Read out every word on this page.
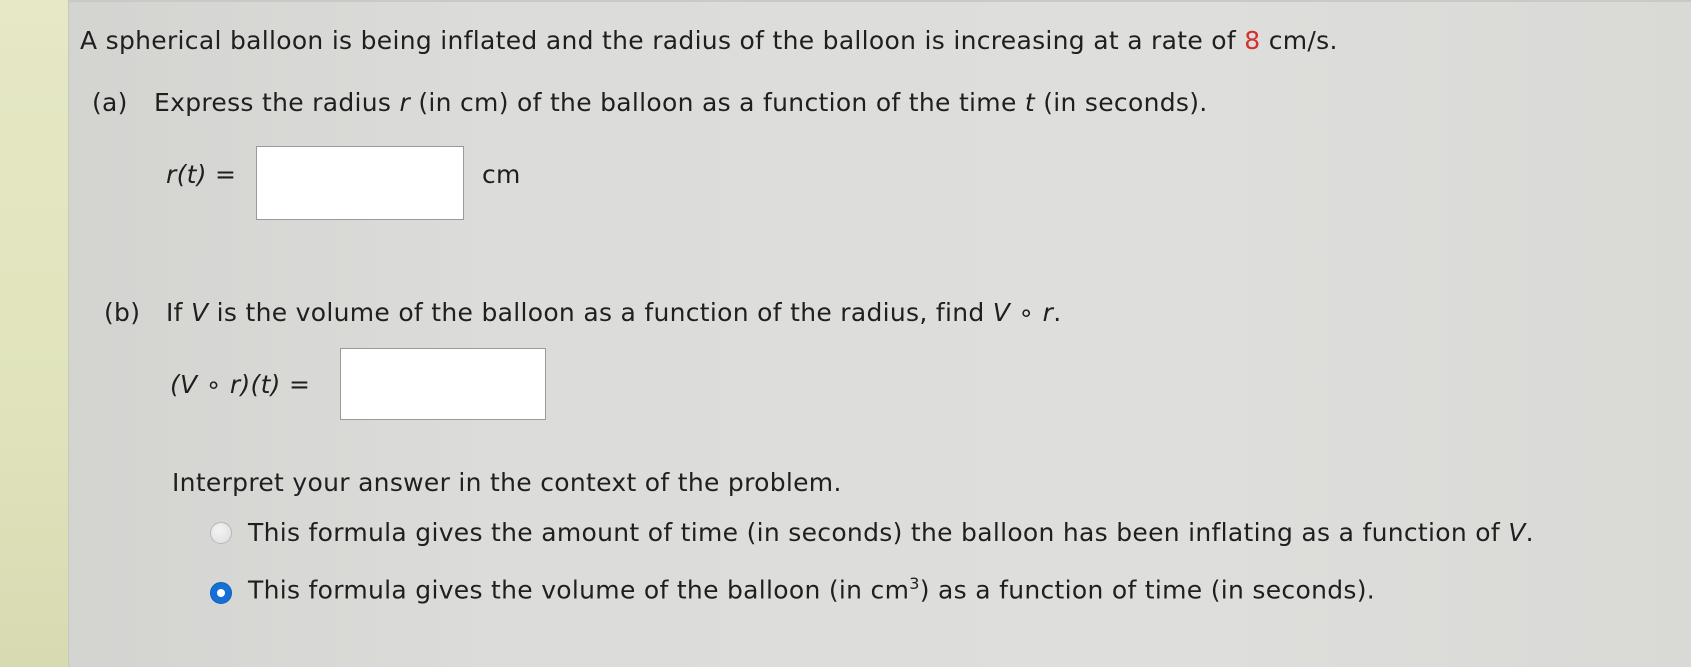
A spherical balloon is being inflated and the radius of the balloon is increasing at a rate of 8 cm/s.
(a) Express the radius r (in cm) of the balloon as a function of the time t (in seconds).
r(t) =	cm
(b) If V is the volume of the balloon as a function of the radius, find V ∘ r.
(V ∘ r)(t) =
Interpret your answer in the context of the problem.
This formula gives the amount of time (in seconds) the balloon has been inflating as a function of V.
This formula gives the volume of the balloon (in $cm^3$) as a function of time (in seconds).
